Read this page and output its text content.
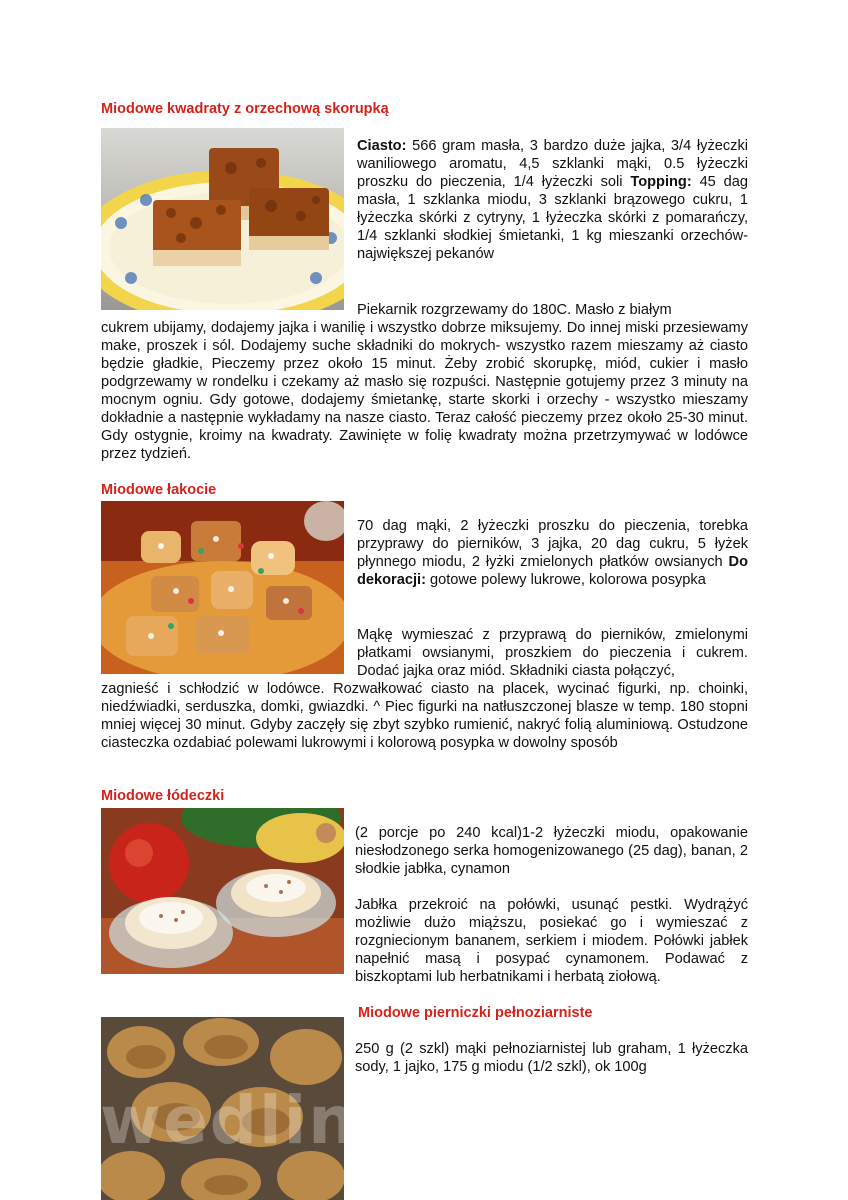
Miodowe kwadraty z orzechową skorupką

Ciasto: 566 gram masła, 3 bardzo duże jajka, 3/4 łyżeczki waniliowego aromatu, 4,5 szklanki mąki, 0.5 łyżeczki proszku do pieczenia, 1/4 łyżeczki soli Topping: 45 dag masła, 1 szklanka miodu, 3 szklanki brązowego cukru, 1 łyżeczka skórki z cytryny, 1 łyżeczka skórki z pomarańczy, 1/4 szklanki słodkiej śmietanki, 1 kg mieszanki orzechów- największej pekanów

Piekarnik rozgrzewamy do 180C. Masło z białym

cukrem ubijamy, dodajemy jajka i wanilię i wszystko dobrze miksujemy. Do innej miski przesiewamy make, proszek i sól. Dodajemy suche składniki do mokrych- wszystko razem mieszamy aż ciasto będzie gładkie, Pieczemy przez około 15 minut. Żeby zrobić skorupkę, miód, cukier i masło podgrzewamy w rondelku i czekamy aż masło się rozpuści. Następnie gotujemy przez 3 minuty na mocnym ogniu. Gdy gotowe, dodajemy śmietankę, starte skorki i orzechy - wszystko mieszamy dokładnie a następnie wykładamy na nasze ciasto. Teraz całość pieczemy przez około 25-30 minut. Gdy ostygnie, kroimy na kwadraty. Zawinięte w folię kwadraty można przetrzymywać w lodówce przez tydzień.

Miodowe łakocie

70 dag mąki, 2 łyżeczki proszku do pieczenia, torebka przyprawy do pierników, 3 jajka, 20 dag cukru, 5 łyżek płynnego miodu, 2 łyżki zmielonych płatków owsianych Do dekoracji: gotowe polewy lukrowe, kolorowa posypka

Mąkę wymieszać z przyprawą do pierników, zmielonymi płatkami owsianymi, proszkiem do pieczenia i cukrem. Dodać jajka oraz miód. Składniki ciasta połączyć,

zagnieść i schłodzić w lodówce. Rozwałkować ciasto na placek, wycinać figurki, np. choinki, niedźwiadki, serduszka, domki, gwiazdki. ^ Piec figurki na natłuszczonej blasze w temp. 180 stopni mniej więcej 30 minut. Gdyby zaczęły się zbyt szybko rumienić, nakryć folią aluminiową. Ostudzone ciasteczka ozdabiać polewami lukrowymi i kolorową posypka w dowolny sposób

Miodowe łódeczki

(2 porcje po 240 kcal)1-2 łyżeczki miodu, opakowanie niesłodzonego serka homogenizowanego (25 dag), banan, 2 słodkie jabłka, cynamon

Jabłka przekroić na połówki, usunąć pestki. Wydrążyć możliwie dużo miąższu, posiekać go i wymieszać z rozgniecionym bananem, serkiem i miodem. Połówki jabłek napełnić masą i posypać cynamonem. Podawać z biszkoptami lub herbatnikami i herbatą ziołową.

Miodowe pierniczki pełnoziarniste

250 g (2 szkl) mąki pełnoziarnistej lub graham, 1 łyżeczka sody, 1 jajko, 175 g miodu (1/2 szkl), ok 100g

wedlinydomowe.pl
